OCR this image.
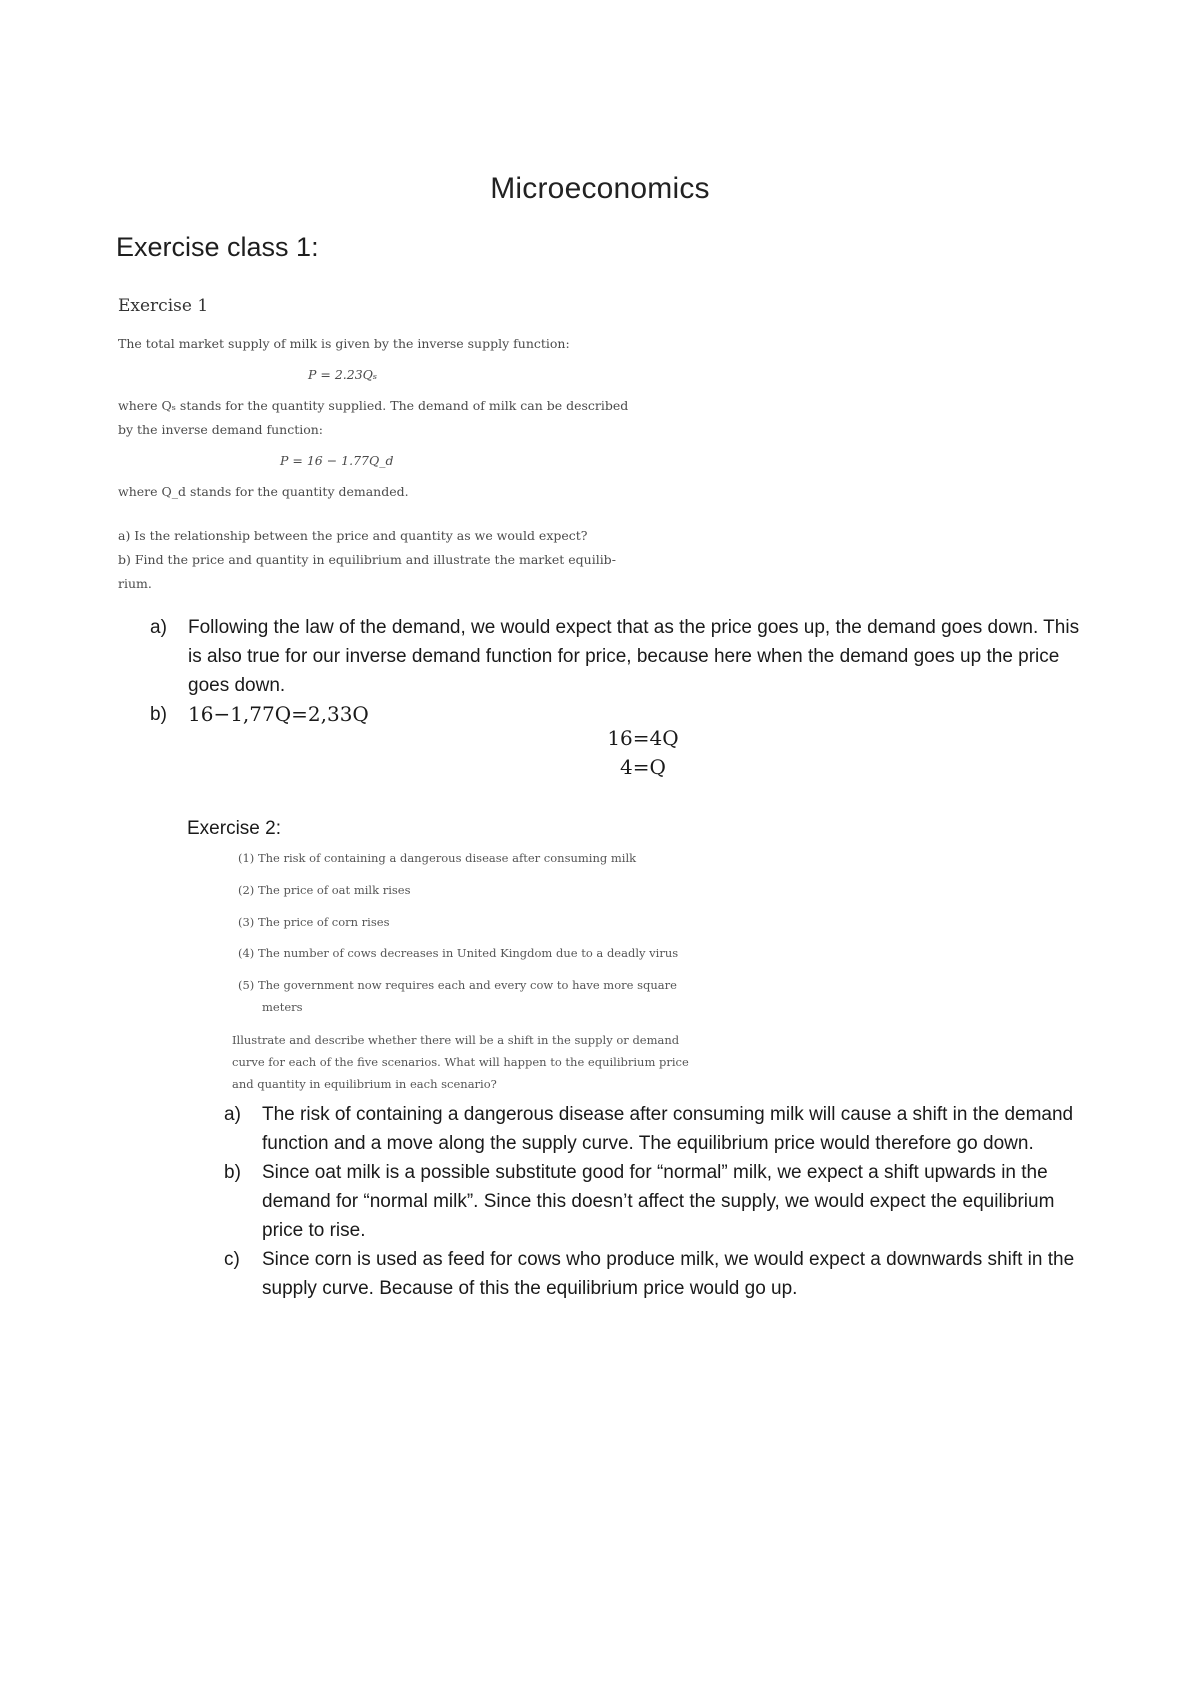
Microeconomics
Exercise class 1:
Exercise 1
The total market supply of milk is given by the inverse supply function:
P = 2.23Qₛ
where Qₛ stands for the quantity supplied. The demand of milk can be described
by the inverse demand function:
P = 16 − 1.77Q_d
where Q_d stands for the quantity demanded.
a) Is the relationship between the price and quantity as we would expect?
b) Find the price and quantity in equilibrium and illustrate the market equilib-
rium.
a) Following the law of the demand, we would expect that as the price goes up, the demand goes down. This is also true for our inverse demand function for price, because here when the demand goes up the price goes down.
b) 16−1,77Q=2,33Q
16=4Q
4=Q
Exercise 2:
(1) The risk of containing a dangerous disease after consuming milk
(2) The price of oat milk rises
(3) The price of corn rises
(4) The number of cows decreases in United Kingdom due to a deadly virus
(5) The government now requires each and every cow to have more square
meters
Illustrate and describe whether there will be a shift in the supply or demand
curve for each of the five scenarios. What will happen to the equilibrium price
and quantity in equilibrium in each scenario?
a) The risk of containing a dangerous disease after consuming milk will cause a shift in the demand function and a move along the supply curve. The equilibrium price would therefore go down.
b) Since oat milk is a possible substitute good for “normal” milk, we expect a shift upwards in the demand for “normal milk”. Since this doesn’t affect the supply, we would expect the equilibrium price to rise.
c) Since corn is used as feed for cows who produce milk, we would expect a downwards shift in the supply curve. Because of this the equilibrium price would go up.
